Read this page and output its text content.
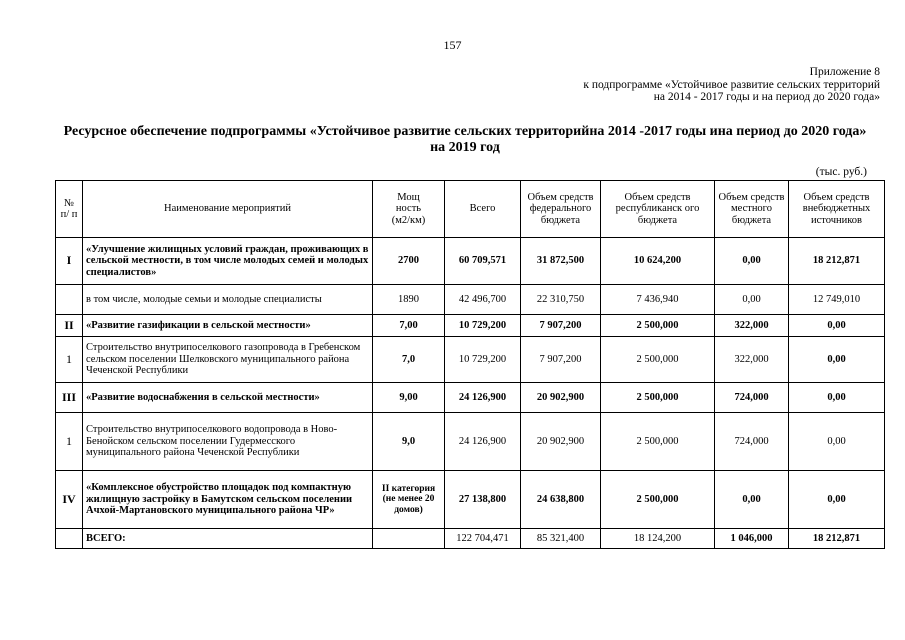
157
Приложение 8
к подпрограмме «Устойчивое развитие сельских территорий
на 2014 - 2017 годы и на период до 2020 года»
Ресурсное обеспечение подпрограммы «Устойчивое развитие сельских территорийна 2014 -2017 годы ина период до 2020 года» на 2019 год
(тыс. руб.)
№ п/ п	Наименование мероприятий	Мощ ность (м2/км)	Всего	Объем средств федерального бюджета	Объем средств республиканск ого бюджета	Объем средств местного бюджета	Объем средств внебюджетных источников
I	«Улучшение жилищных условий граждан, проживающих в сельской местности, в том числе молодых семей и молодых специалистов»	2700	60 709,571	31 872,500	10 624,200	0,00	18 212,871
	в том числе, молодые семьи и молодые специалисты	1890	42 496,700	22 310,750	7 436,940	0,00	12 749,010
II	«Развитие газификации в сельской местности»	7,00	10 729,200	7 907,200	2 500,000	322,000	0,00
1	Строительство внутрипоселкового газопровода в Гребенском сельском поселении Шелковского муниципального района Чеченской Республики	7,0	10 729,200	7 907,200	2 500,000	322,000	0,00
III	«Развитие водоснабжения в сельской местности»	9,00	24 126,900	20 902,900	2 500,000	724,000	0,00
1	Строительство внутрипоселкового водопровода в Ново-Бенойском сельском поселении Гудермесского муниципального района Чеченской Республики	9,0	24 126,900	20 902,900	2 500,000	724,000	0,00
IV	«Комплексное обустройство площадок под компактную жилищную застройку в Бамутском сельском поселении Ачхой-Мартановского муниципального района ЧР»	II категория (не менее 20 домов)	27 138,800	24 638,800	2 500,000	0,00	0,00
	ВСЕГО:		122 704,471	85 321,400	18 124,200	1 046,000	18 212,871
